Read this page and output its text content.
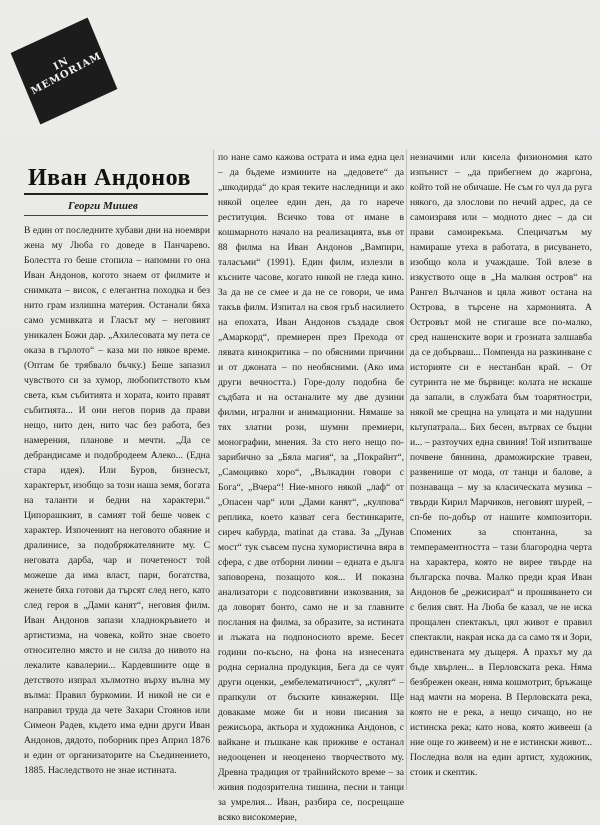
IN MEMORIAM
Иван Андонов
Георги Мишев

В един от последните хубави дни на ноември жена му Люба го доведе в Панчарево. Болестта го беше стопила – напомни го она Иван Андонов, когото знаем от филмите и снимката – висок, с елегантна походка и без нито грам излишна материя. Останали бяха само усмивката и Гласът му – неговият уникален Божи дар. „Ахилесовата му пета се оказа в гърлото“ – каза ми по някое време. (Оптам бе трябвало бъчку.) Беше запазил чувството си за хумор, любопитството към света, към събитията и хората, които правят събитията... И они негов порив да прави нещо, нито ден, нито час без работа, без намерения, планове и мечти. „Да се дебрандисаме и подобродеем Алеко... (Една стара идея). Или Буров, бизнесът, характерът, изобщо за този наша земя, богата на таланти и бедни на характери.“ Ципорашкият, в самият той беше човек с характер. Изпоченият на неговото обаяние и дралинисе, за подобряжателяните му. С неговата дарба, чар и почетеност той можеше да има власт, пари, богатства, женете бяха готови да търсят след него, като след героя в „Дами канят“, неговия филм. Иван Андонов запази хладнокръвието и артистизма, на човека, който знае своето относително място и не силза до нивото на лекалите кавалерии... Кардевшиите още в детството изпрал хълмотно върху вълна му вълма: Правил буркомии. И никой не си е направил труда да чете Захари Стоянов или Симеон Радев, където има едни други Иван Андонов, дядото, поборник през Април 1876 и един от организаторите на Съединението, 1885. Наследството не знае истината.

по нане само кажова острата и има една цел – да бъдеме измините на „дедовете“ да „шкодирда“ до края теките наследници и ако някой оцелее един ден, да го нарече реституция. Всичко това от имане в кошмарното начало на реализацията, във от 88 филма на Иван Андонов „Вампири, таласъми“ (1991). Един филм, излезли в късните часове, когато никой не гледа кино. За да не се смее и да не се говори, че има такъв филм. Изпитал на своя гръб насилието на епохата, Иван Андонов създаде своя „Амаркорд“, премиерен през Прехода от лявата кинокритика – по обясними причини и от джоната – по необясними. (Ако има други вечността.) Горе-долу подобна бе съдбата и на останалите му две дузини филми, игрални и анимационни. Нямаше за тях златни рози, шумни премиери, монографии, мнения. За сто него нещо по-зарибично за „Бяла магия“, за „Покрайнт“, „Самоцивко хоро“, „Вълкадин говори с Бога“, „Вчера“! Ние-много някой „лаф“ от „Опасен чар“ или „Дами канят“, „кулпова“ реплика, което казват сега бестинкарите, сиреч кабурда, matinat да ставa. За „Дунав мост“ тук съвсем пусна хумористична вяра в сфера, с две отборни линии – едната е дълга заповорена, позащото коя... И показна анализатори с подсоввтивни изкозвания, за да ловорят бонто, само не и за главните послания на филма, за образите, за истината и лъжата на подпоносното време. Бесет години по-късно, на фона на изнесената родна сериална продукция, Бега да се чуят други оценки, „ембелематичност“, „кулят“ – прапкули от бъските кинажерии. Ще довакаме може би и нови писания за режисьора, актьора и художника Андонов, с вайкане и пъшкане как приживе е останал недооценен и неоценено творчеството му. Древна традиция от трайнийското време – за живия подозрителна тишина, песни и танци за умрелия... Иван, разбира се, посрещаше всяко високомерие,

незначими или кисела физиономия като изпънист – „да прибегнем до жаргона, който той не обичаше. Не съм го чул да руга някого, да злослови по нечий адрес, да се самоизравя или – модното днес – да си прави самоирекъма. Специчатъм му намираше утеха в работата, в рисуването, изобщо кола и учаждаше. Той влезе в изкуството още в „На малкия остров“ на Рангел Вълчанов и цяла живот остана на Острова, в търсене на хармонията. А Островът мой не стигаше все по-малко, сред нашенските вори и грозната залшавба да се добърваш... Помпенда на разкинване с историяте си е нестанбан край. – От сутринта не ме бървице: колата не искаше да запали, в службата бъм тоарятностри, някой ме срещна на улицата и ми надушни кьтупатрала... Бих бесен, вътрвах се бъцни и... – разтоучих една свиния! Той изпитваше почвене бяннина, драможирские травеи, развенише от мода, от танци и балове, а познаваща – му за класическата музика – твърди Кирил Марчиков, неговият шурей, – сп-бе по-добър от нашите композитори. Спомених за спонтанна, за темпераментността – тази благородна черта на характера, която не вирее твърде на българска почва. Малко преди края Иван Андонов бе „режисирал“ и прошяването си с белия свят. На Люба бе казал, че не иска прощален спектакъл, цял живот е правил спектакли, накрая иска да са само тя и Зори, единствената му дъщеря. А прахът му да бъде хвърлен... в Перловската река. Няма безбрежен океан, няма кошмотрит, бръжаще над мачти на морена. В Перловската река, която не е река, а нещо сичащо, но не истинска река; като нова, която живееш (а ние още го живеем) и не е истински живот... Последна воля на един артист, художник, стоик и скептик.
